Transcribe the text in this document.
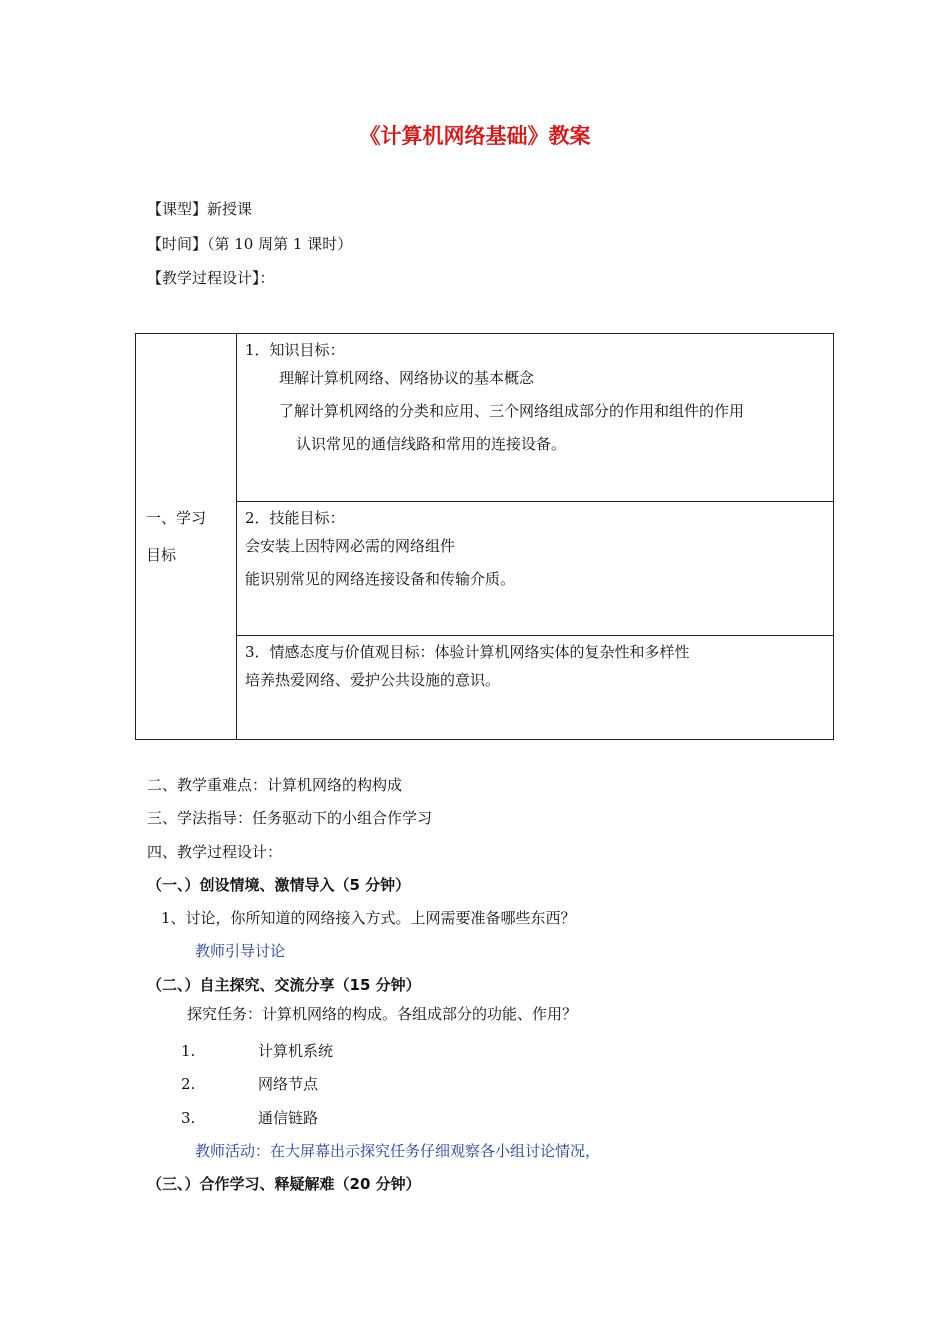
《计算机网络基础》教案
【课型】新授课
【时间】（第 10 周第 1 课时）
【教学过程设计】：
一、学习
目标

1．知识目标：
理解计算机网络、网络协议的基本概念
了解计算机网络的分类和应用、三个网络组成部分的作用和组件的作用
认识常见的通信线路和常用的连接设备。

2．技能目标：
会安装上因特网必需的网络组件
能识别常见的网络连接设备和传输介质。

3．情感态度与价值观目标：体验计算机网络实体的复杂性和多样性
培养热爱网络、爱护公共设施的意识。
二、教学重难点：计算机网络的构构成
三、学法指导：任务驱动下的小组合作学习
四、教学过程设计：
（一、）创设情境、激情导入（5 分钟）
1、讨论，你所知道的网络接入方式。上网需要准备哪些东西？
教师引导讨论
（二、）自主探究、交流分享（15 分钟）
探究任务：计算机网络的构成。各组成部分的功能、作用？
1.	计算机系统
2.	网络节点
3.	通信链路
教师活动：在大屏幕出示探究任务仔细观察各小组讨论情况，
（三、）合作学习、释疑解难（20 分钟）
